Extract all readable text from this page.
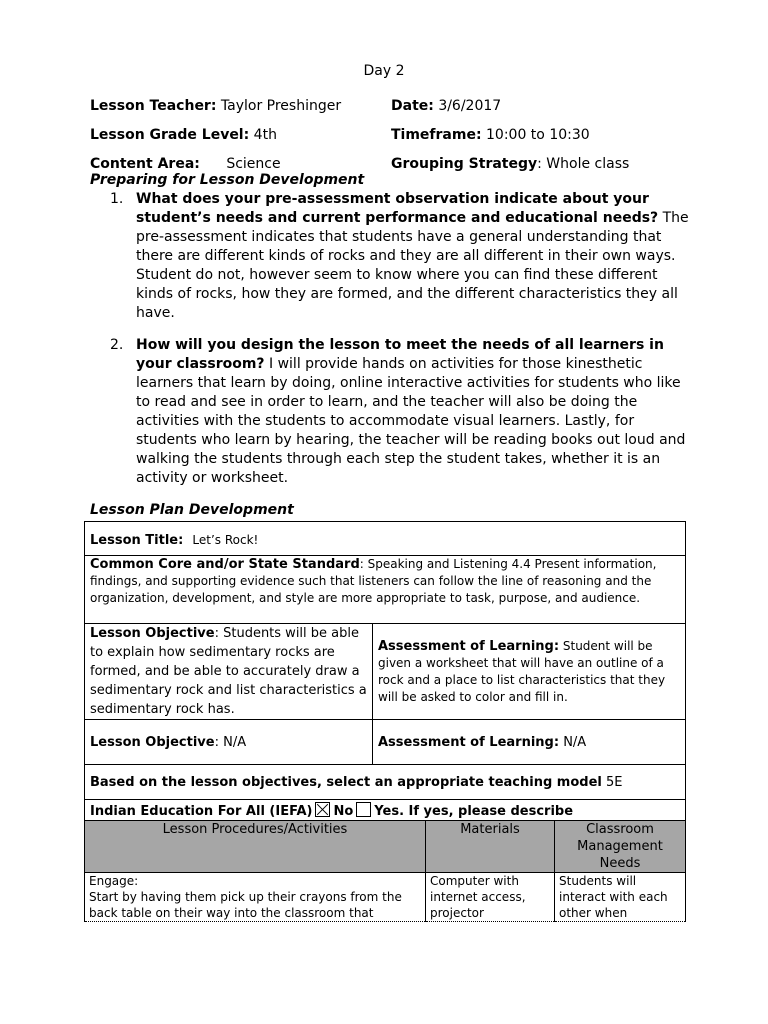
Day 2
Lesson Teacher: Taylor Preshinger	Date: 3/6/2017
Lesson Grade Level: 4th	Timeframe: 10:00 to 10:30
Content Area: Science	Grouping Strategy: Whole class
Preparing for Lesson Development
1. What does your pre-assessment observation indicate about your student’s needs and current performance and educational needs? The pre-assessment indicates that students have a general understanding that there are different kinds of rocks and they are all different in their own ways. Student do not, however seem to know where you can find these different kinds of rocks, how they are formed, and the different characteristics they all have.
2. How will you design the lesson to meet the needs of all learners in your classroom? I will provide hands on activities for those kinesthetic learners that learn by doing, online interactive activities for students who like to read and see in order to learn, and the teacher will also be doing the activities with the students to accommodate visual learners. Lastly, for students who learn by hearing, the teacher will be reading books out loud and walking the students through each step the student takes, whether it is an activity or worksheet.
Lesson Plan Development
Lesson Title: Let’s Rock!	
Common Core and/or State Standard: Speaking and Listening 4.4 Present information, findings, and supporting evidence such that listeners can follow the line of reasoning and the organization, development, and style are more appropriate to task, purpose, and audience.	
Lesson Objective: Students will be able to explain how sedimentary rocks are formed, and be able to accurately draw a sedimentary rock and list characteristics a sedimentary rock has.	Assessment of Learning: Student will be given a worksheet that will have an outline of a rock and a place to list characteristics that they will be asked to color and fill in.
Lesson Objective: N/A	Assessment of Learning: N/A
Based on the lesson objectives, select an appropriate teaching model 5E	
Indian Education For All (IEFA) No Yes. If yes, please describe	
Lesson Procedures/Activities	Materials	Classroom Management Needs
Engage:
Start by having them pick up their crayons from the back table on their way into the classroom that	Computer with internet access, projector	Students will interact with each other when
